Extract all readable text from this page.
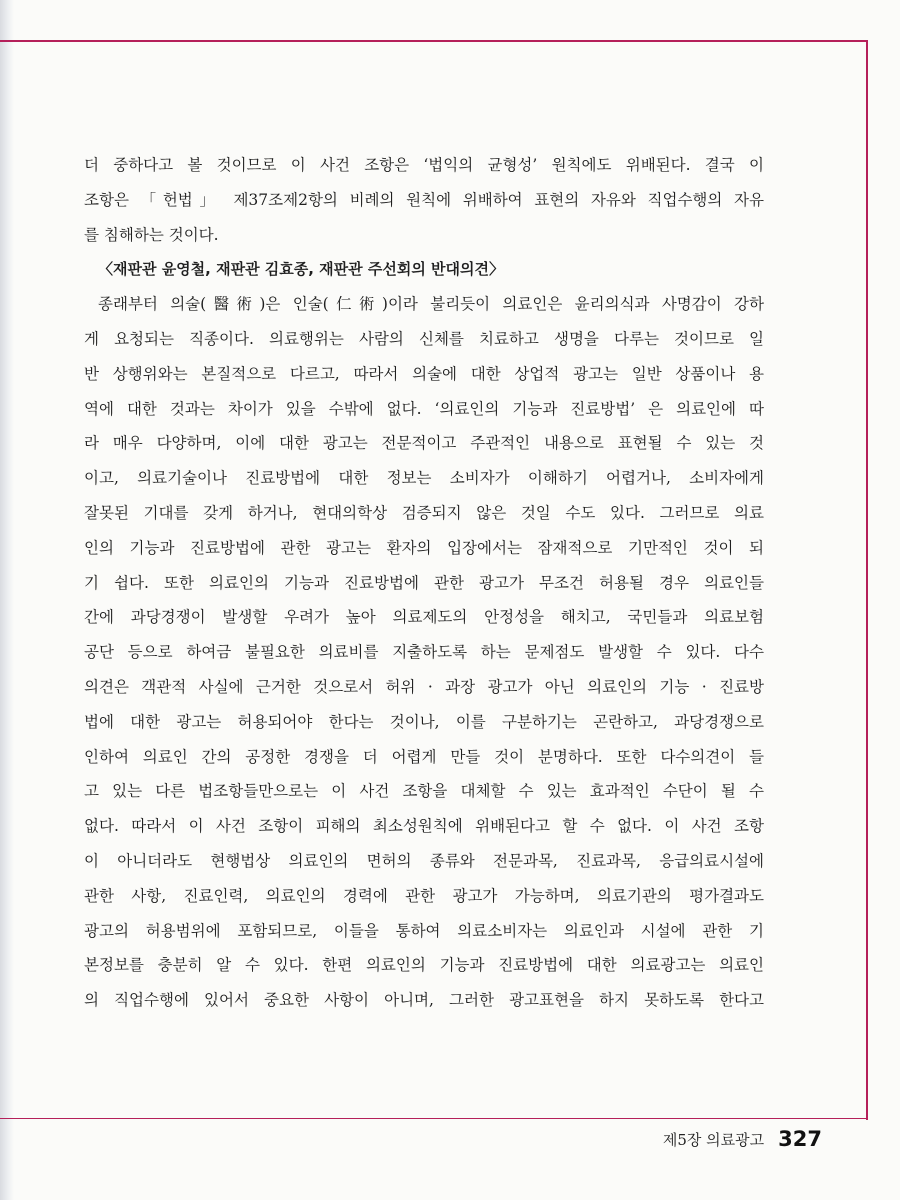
더 중하다고 볼 것이므로 이 사건 조항은 ‘법익의 균형성’ 원칙에도 위배된다. 결국 이
조항은 「헌법」 제37조제2항의 비례의 원칙에 위배하여 표현의 자유와 직업수행의 자유
를 침해하는 것이다.
〈재판관 윤영철, 재판관 김효종, 재판관 주선회의 반대의견〉
종래부터 의술(醫術)은 인술(仁術)이라 불리듯이 의료인은 윤리의식과 사명감이 강하
게 요청되는 직종이다. 의료행위는 사람의 신체를 치료하고 생명을 다루는 것이므로 일
반 상행위와는 본질적으로 다르고, 따라서 의술에 대한 상업적 광고는 일반 상품이나 용
역에 대한 것과는 차이가 있을 수밖에 없다. ‘의료인의 기능과 진료방법’ 은 의료인에 따
라 매우 다양하며, 이에 대한 광고는 전문적이고 주관적인 내용으로 표현될 수 있는 것
이고, 의료기술이나 진료방법에 대한 정보는 소비자가 이해하기 어렵거나, 소비자에게
잘못된 기대를 갖게 하거나, 현대의학상 검증되지 않은 것일 수도 있다. 그러므로 의료
인의 기능과 진료방법에 관한 광고는 환자의 입장에서는 잠재적으로 기만적인 것이 되
기 쉽다. 또한 의료인의 기능과 진료방법에 관한 광고가 무조건 허용될 경우 의료인들
간에 과당경쟁이 발생할 우려가 높아 의료제도의 안정성을 해치고, 국민들과 의료보험
공단 등으로 하여금 불필요한 의료비를 지출하도록 하는 문제점도 발생할 수 있다. 다수
의견은 객관적 사실에 근거한 것으로서 허위 · 과장 광고가 아닌 의료인의 기능 · 진료방
법에 대한 광고는 허용되어야 한다는 것이나, 이를 구분하기는 곤란하고, 과당경쟁으로
인하여 의료인 간의 공정한 경쟁을 더 어렵게 만들 것이 분명하다. 또한 다수의견이 들
고 있는 다른 법조항들만으로는 이 사건 조항을 대체할 수 있는 효과적인 수단이 될 수
없다. 따라서 이 사건 조항이 피해의 최소성원칙에 위배된다고 할 수 없다. 이 사건 조항
이 아니더라도 현행법상 의료인의 면허의 종류와 전문과목, 진료과목, 응급의료시설에
관한 사항, 진료인력, 의료인의 경력에 관한 광고가 가능하며, 의료기관의 평가결과도
광고의 허용범위에 포함되므로, 이들을 통하여 의료소비자는 의료인과 시설에 관한 기
본정보를 충분히 알 수 있다. 한편 의료인의 기능과 진료방법에 대한 의료광고는 의료인
의 직업수행에 있어서 중요한 사항이 아니며, 그러한 광고표현을 하지 못하도록 한다고
제5장 의료광고 327
